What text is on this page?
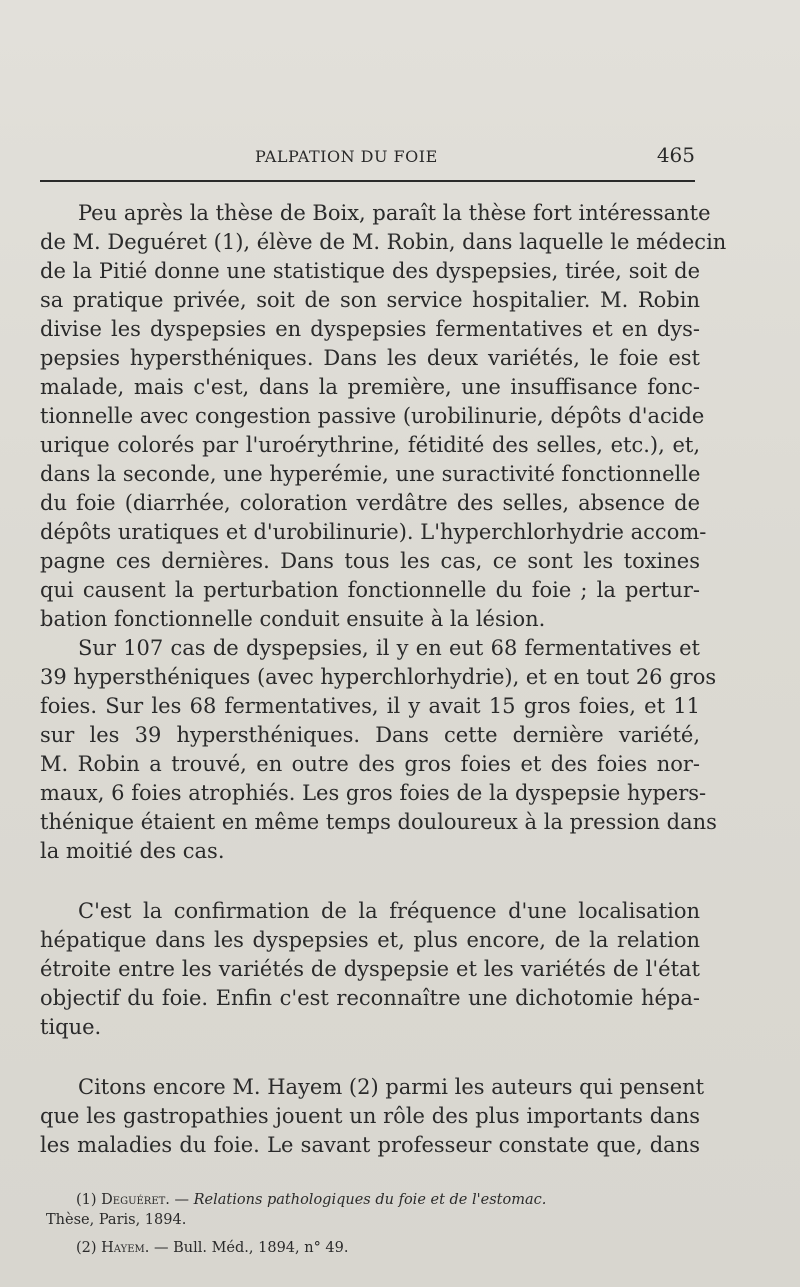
PALPATION DU FOIE	465
Peu après la thèse de Boix, paraît la thèse fort intéressante
de M. Deguéret (1), élève de M. Robin, dans laquelle le médecin
de la Pitié donne une statistique des dyspepsies, tirée, soit de
sa pratique privée, soit de son service hospitalier. M. Robin
divise les dyspepsies en dyspepsies fermentatives et en dys-
pepsies hypersthéniques. Dans les deux variétés, le foie est
malade, mais c'est, dans la première, une insuffisance fonc-
tionnelle avec congestion passive (urobilinurie, dépôts d'acide
urique colorés par l'uroérythrine, fétidité des selles, etc.), et,
dans la seconde, une hyperémie, une suractivité fonctionnelle
du foie (diarrhée, coloration verdâtre des selles, absence de
dépôts uratiques et d'urobilinurie). L'hyperchlorhydrie accom-
pagne ces dernières. Dans tous les cas, ce sont les toxines
qui causent la perturbation fonctionnelle du foie ; la pertur-
bation fonctionnelle conduit ensuite à la lésion.
Sur 107 cas de dyspepsies, il y en eut 68 fermentatives et
39 hypersthéniques (avec hyperchlorhydrie), et en tout 26 gros
foies. Sur les 68 fermentatives, il y avait 15 gros foies, et 11
sur les 39 hypersthéniques. Dans cette dernière variété,
M. Robin a trouvé, en outre des gros foies et des foies nor-
maux, 6 foies atrophiés. Les gros foies de la dyspepsie hypers-
thénique étaient en même temps douloureux à la pression dans
la moitié des cas.
C'est la confirmation de la fréquence d'une localisation
hépatique dans les dyspepsies et, plus encore, de la relation
étroite entre les variétés de dyspepsie et les variétés de l'état
objectif du foie. Enfin c'est reconnaître une dichotomie hépa-
tique.
Citons encore M. Hayem (2) parmi les auteurs qui pensent
que les gastropathies jouent un rôle des plus importants dans
les maladies du foie. Le savant professeur constate que, dans
(1) Deguéret. — Relations pathologiques du foie et de l'estomac.
Thèse, Paris, 1894.
(2) Hayem. — Bull. Méd., 1894, n° 49.
